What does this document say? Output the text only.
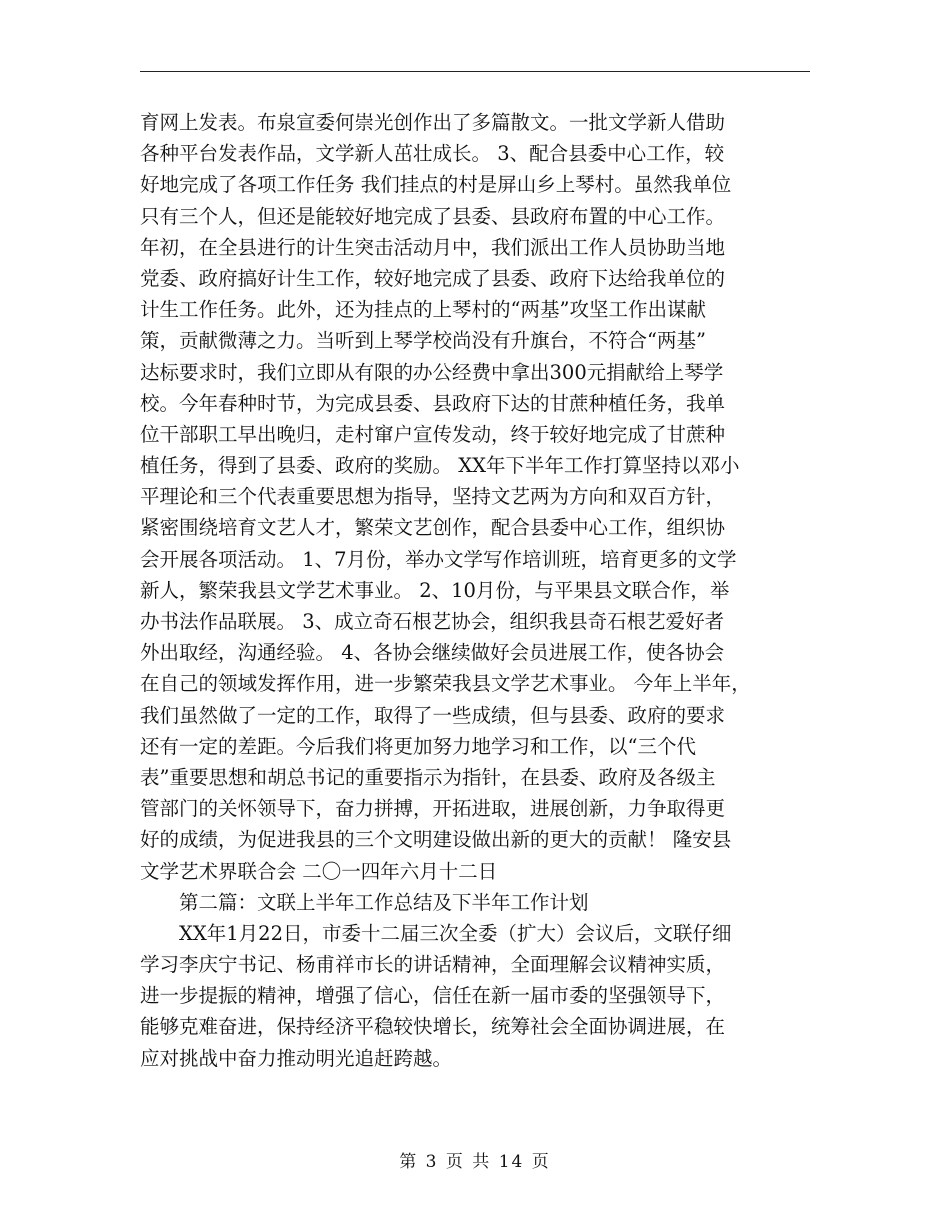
育网上发表。布泉宣委何崇光创作出了多篇散文。一批文学新人借助
各种平台发表作品，文学新人茁壮成长。 3、配合县委中心工作，较
好地完成了各项工作任务 我们挂点的村是屏山乡上琴村。虽然我单位
只有三个人，但还是能较好地完成了县委、县政府布置的中心工作。
年初，在全县进行的计生突击活动月中，我们派出工作人员协助当地
党委、政府搞好计生工作，较好地完成了县委、政府下达给我单位的
计生工作任务。此外，还为挂点的上琴村的“两基”攻坚工作出谋献
策，贡献微薄之力。当听到上琴学校尚没有升旗台，不符合“两基”
达标要求时，我们立即从有限的办公经费中拿出300元捐献给上琴学
校。今年春种时节，为完成县委、县政府下达的甘蔗种植任务，我单
位干部职工早出晚归，走村窜户宣传发动，终于较好地完成了甘蔗种
植任务，得到了县委、政府的奖励。 XX年下半年工作打算坚持以邓小
平理论和三个代表重要思想为指导，坚持文艺两为方向和双百方针，
紧密围绕培育文艺人才，繁荣文艺创作，配合县委中心工作，组织协
会开展各项活动。 1、7月份，举办文学写作培训班，培育更多的文学
新人，繁荣我县文学艺术事业。 2、10月份，与平果县文联合作，举
办书法作品联展。 3、成立奇石根艺协会，组织我县奇石根艺爱好者
外出取经，沟通经验。 4、各协会继续做好会员进展工作，使各协会
在自己的领域发挥作用，进一步繁荣我县文学艺术事业。 今年上半年，
我们虽然做了一定的工作，取得了一些成绩，但与县委、政府的要求
还有一定的差距。今后我们将更加努力地学习和工作，以“三个代
表”重要思想和胡总书记的重要指示为指针，在县委、政府及各级主
管部门的关怀领导下，奋力拼搏，开拓进取，进展创新，力争取得更
好的成绩，为促进我县的三个文明建设做出新的更大的贡献！ 隆安县
文学艺术界联合会 二〇一四年六月十二日
第二篇：文联上半年工作总结及下半年工作计划
XX年1月22日，市委十二届三次全委（扩大）会议后，文联仔细
学习李庆宁书记、杨甫祥市长的讲话精神，全面理解会议精神实质，
进一步提振的精神，增强了信心，信任在新一届市委的坚强领导下，
能够克难奋进，保持经济平稳较快增长，统筹社会全面协调进展，在
应对挑战中奋力推动明光追赶跨越。
第 3 页 共 14 页
